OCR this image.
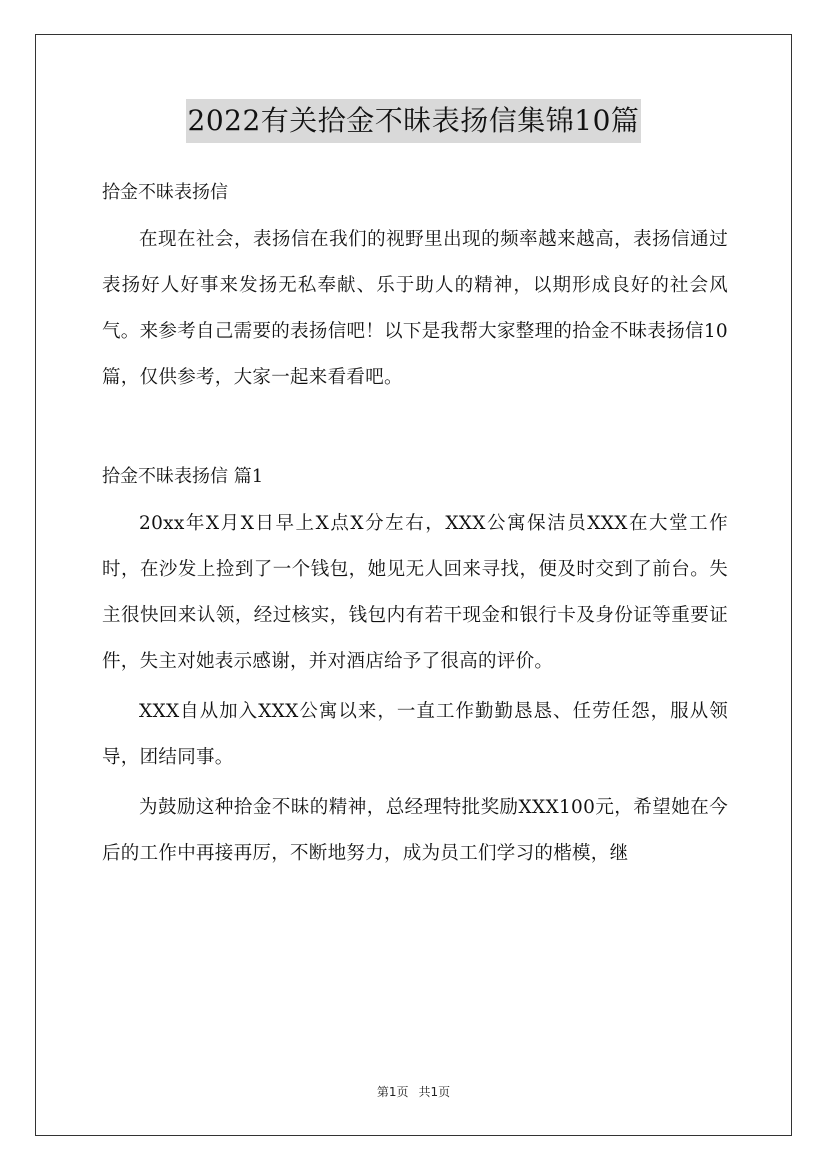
2022有关拾金不昧表扬信集锦10篇

拾金不昧表扬信

在现在社会，表扬信在我们的视野里出现的频率越来越高，表扬信通过表扬好人好事来发扬无私奉献、乐于助人的精神，以期形成良好的社会风气。来参考自己需要的表扬信吧！以下是我帮大家整理的拾金不昧表扬信10篇，仅供参考，大家一起来看看吧。

拾金不昧表扬信 篇1

20xx年X月X日早上X点X分左右，XXX公寓保洁员XXX在大堂工作时，在沙发上捡到了一个钱包，她见无人回来寻找，便及时交到了前台。失主很快回来认领，经过核实，钱包内有若干现金和银行卡及身份证等重要证件，失主对她表示感谢，并对酒店给予了很高的评价。

XXX自从加入XXX公寓以来，一直工作勤勤恳恳、任劳任怨，服从领导，团结同事。

为鼓励这种拾金不昧的精神，总经理特批奖励XXX100元，希望她在今后的工作中再接再厉，不断地努力，成为员工们学习的楷模，继

第1页 共1页
